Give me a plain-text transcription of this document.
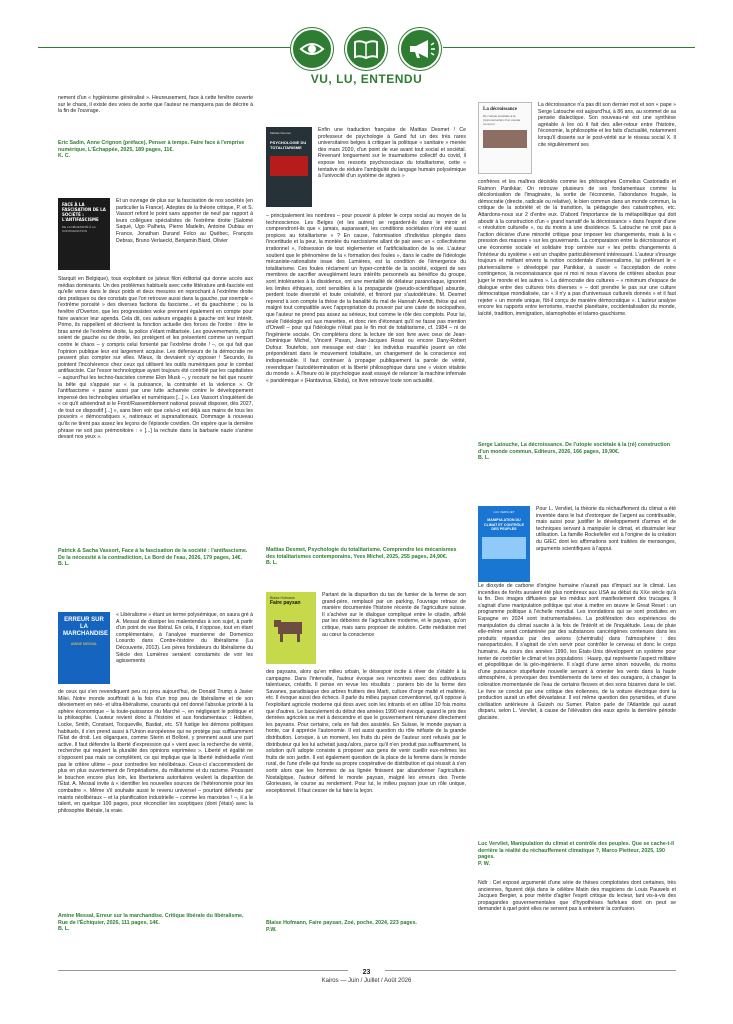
VU, LU, ENTENDU

nement d'un « hygiénisme généralisé ». Heureusement, face à cette fenêtre ouverte sur le chaos, il existe des voies de sortie que l'auteur ne manquera pas de décrire à la fin de l'ouvrage.

Eric Sadin, Anne Crignon (préface), Penser à temps. Faire face à l'emprise numérique, L'Échappée, 2025, 189 pages, 11€.
K. C.
FACE À LA FASCISATION DE LA SOCIÉTÉ : L'ANTIFASCISME
DE LA NÉCESSITÉ À LA CONTRADICTION

Et un ouvrage de plus sur la fascisation de nos sociétés (en particulier la France). Adeptes de la théorie critique, P. et S. Vassort refont le point sans apporter de neuf par rapport à leurs collègues spécialistes de l'extrême droite (Salomé Saqué, Ugo Palheta, Pierre Madelin, Antoine Dubiau en France, Jonathan Durand Folco au Québec, François Debras, Bruno Verlaeckt, Benjamin Biard, Olivier

Starquit en Belgique), tous exploitant ce juteux filon éditorial qui donne accès aux médias dominants. Un des problèmes habituels avec cette littérature anti-fasciste est qu'elle verse dans le deux poids et deux mesures en reprochant à l'extrême droite des pratiques ou des constats que l'on retrouve aussi dans la gauche, par exemple « l'extrême porosité » des diverses factions du fascisme... et du gauchisme ; ou la fenêtre d'Overton, que les progressistes woke prennent également en compte pour faire avancer leur agenda. Cela dit, ces auteurs engagés à gauche ont leur intérêt. Primo, ils rappellent et décrivent la fonction actuelle des forces de l'ordre : être le bras armé de l'extrême droite, la police s'étant militarisée. Les gouvernements, qu'ils soient de gauche ou de droite, les protègent et les présentent comme un rempart contre le chaos – y compris celui fomenté par l'extrême droite ! –, ce qui fait que l'opinion publique leur est largement acquise. Les défenseurs de la démocratie ne peuvent plus compter sur elles. Mieux, ils devraient s'y opposer ! Secundo, ils pointent l'incohérence chez ceux qui utilisent les outils numériques pour le combat antifasciste. Car l'essor technologique ayant toujours été contrôlé par les capitalistes – aujourd'hui les techno-fascistes comme Elon Musk –, y recourir ne fait que nourrir la bête qui s'appuie sur « la puissance, la contrainte et la violence ». Or l'antifascisme « passe aussi par une lutte acharnée contre le développement impensé des technologies virtuelles et numériques [...] ». Les Vassort s'inquiètent de « ce qu'il adviendrait si le Front/Rassemblement national pouvait disposer, dès 2027, de tout ce dispositif [...] », sans bien voir que celui-ci est déjà aux mains de tous les pouvoirs « démocratiques », nationaux et supranationaux. Dommage à nouveau qu'ils ne tirent pas assez les leçons de l'épisode covidien. On espère que la dernière phrase ne soit pas prémonitoire : « [...] la rechute dans la barbarie nazie s'anime devant nos yeux ».

Patrick & Sacha Vassort, Face à la fascisation de la société : l'antifascisme. De la nécessité à la contradiction, Le Bord de l'eau, 2026, 179 pages, 14€.
B. L.
ERREUR SUR LA MARCHANDISE
AMINE MESSAL

« Libéralisme » étant un terme polysémique, on saura gré à A. Messal de dissiper les malentendus à son sujet, à partir d'un point de vue libéral. En cela, il s'oppose, tout en étant complémentaire, à l'analyse marxienne de Domenico Losurdo dans Contre-histoire du libéralisme (La Découverte, 2013). Les pères fondateurs du libéralisme du Siècle des Lumières seraient constamés de voir les agissements

de ceux qui s'en revendiquent peu ou prou aujourd'hui, de Donald Trump à Javier Milei. Notre monde souffrirait à la fois d'un trop peu de libéralisme et de son dévoiement en néo- et ultra-libéralisme, courants qui ont donné l'absolue priorité à la sphère économique – la toute-puissance du Marché –, en négligeant le politique et la philosophie. L'auteur revient donc à l'histoire et aux fondamentaux : Hobbes, Locke, Smith, Constant, Tocqueville, Bastiat, etc. S'il fustige les démons politiques habituels, il s'en prend aussi à l'Union européenne qui ne protège pas suffisamment l'État de droit. Les oligarques, comme Sterin et Bolloré, y prennent aussi une part active. Il faut défendre la liberté d'expression qui « vient avec la recherche de vérité, recherche qui requiert la pluralité des opinions exprimées ». Liberté et égalité ne s'opposent pas mais se complètent, ce qui implique que la liberté individuelle n'est pas le critère ultime – pour contredire les néolibéraux. Ceux-ci s'accommodent de plus en plus ouvertement de l'impérialisme, du militarisme et du racisme. Poussant le bouchon encore plus loin, les libertariens autoritaires veulent la disparition de l'État. A. Messal invite à « identifier les nouvelles sources de l'hétéronomie pour les combattre ». Même s'il souhaite aussi le revenu universel – pourtant défendu par maints néolibéraux – et la planification industrielle – comme les marxistes ! –, il a le talent, en quelque 100 pages, pour réconcilier les sceptiques (dont j'étais) avec la philosophie libérale, la vraie.

Amine Messal, Erreur sur la marchandise. Critique libérale du libéralisme, Rue de l'Échiquier, 2026, 111 pages, 14€.
B. L.
Mattias Desmet
PSYCHOLOGIE DU TOTALITARISME

Enfin une traduction française de Mattias Desmet ! Ce professeur de psychologie à Gand fut un des très rares universitaires belges à critiquer la politique « sanitaire » menée dès mars 2020, d'un point de vue avant tout social et sociétal. Revenant longuement sur le traumatisme collectif du covid, il expose les ressorts psychosociaux du totalitarisme, cette « tentative de réduire l'ambiguïté du langage humain polysémique à l'univocité d'un système de signes »

– principalement les nombres – pour pouvoir à piloter le corps social au moyen de la technoscience. Les Belges (et les autres) se regardent-ils dans le miroir et comprendront-ils que « jamais, auparavant, les conditions sociétales n'ont été aussi propices au totalitarisme » ? En cause, l'atomisation d'individus plongés dans l'incertitude et la peur, la montée du narcissisme allant de pair avec un « collectivisme irrationnel », l'obsession de tout réglementer et l'artificialisation de la vie. L'auteur soutient que le phénomène de la « formation des foules », dans le cadre de l'idéologie mécaniste-rationaliste issue des Lumières, est la condition de l'émergence du totalitarisme. Ces foules réclament un hyper-contrôle de la société, exigent de ses membres de sacrifier aveuglément leurs intérêts personnels au bénéfice du groupe, sont intolérantes à la dissidence, ont une mentalité de délateur paranoïaque, ignorent les limites éthiques, sont sensibles à la propagande (pseudo-scientifique) absurde, perdent toute diversité et toute créativité, et finiront par s'autodétruire. M. Desmet reprend à son compte la thèse de la banalité du mal de Hannah Arendt, thèse qui est malgré tout compatible avec l'appropriation du pouvoir par une caste de sociopathes, que l'auteur ne prend pas assez au sérieux, tout comme le rôle des complots. Pour lui, seule l'idéologie est aux manettes, et donc rien d'étonnant qu'il ne fasse pas mention d'Orwell – pour qui l'idéologie n'était pas le fin mot de totalitarisme, cf. 1984 – ni de l'ingénierie sociale. On complétera donc la lecture de son livre avec ceux de Jean-Dominique Michel, Vincent Pavan, Jean-Jacques Rosat ou encore Dany-Robert Dufour. Toutefois, son message est clair : les individus massifiés jouent un rôle prépondérant dans le mouvement totalitaire, un changement de la conscience est indispensable. Il faut continuer à propager publiquement la parole de vérité, revendiquer l'autodétermination et la liberté philosophique dans une « vision vitaliste du monde ». À l'heure où le psychologue avait essayé de relancer la machine infernale « pandémique » (Hantavirus, Ebola), ce livre retrouve toute son actualité.

Mattias Desmet, Psychologie du totalitarisme. Comprendre les mécanismes des totalitarismes contemporains, Yves Michel, 2025, 255 pages, 24,90€.
B. L.
Blaise Hofmann
Faire paysan

Partant de la disparition du tas de fumier de la ferme de son grand-père, remplacé par un parking, l'ouvrage retrace de manière documentée l'histoire récente de l'agriculture suisse. Il s'achève sur le dialogue compliqué entre le citadin, affolé par les déboires de l'agriculture moderne, et le paysan, qu'on critique, mais sans proposer de solution. Cette médiation met au cœur la conscience

des paysans, alors qu'en milieu urbain, le désespoir incite à rêver de s'établir à la campagne. Dans l'intervalle, l'auteur évoque ses rencontres avec des cultivateurs talentueux, créatifs. Il pense en revue les résultats : paniers bio de la ferme des Savanes, paradisiaque des arbres fruitiers des Marti, culture d'orge malté et maltérie, etc. Il évoque aussi des échecs. Il parle du milieu paysan conventionnel, qu'il oppose à l'exploitant agricole moderne qui doss avec soin les intrants et en utilise 10 fois moins que d'autres. Le basculement du début des années 1990 est évoqué, quand le prix des denrées agricoles se met à descendre et que le gouvernement rémunère directement les paysans. Pour certains, cela en fait des assistés. En Suisse, le monde paysan a honte, car il apprécie l'autonomie. Il est aussi question du rôle néfaste de la grande distribution. Lorsque, à un moment, les fruits du père de l'auteur sont refusés par le distributeur qui les lui achetait jusqu'alors, parce qu'il n'en produit pas suffisamment, la solution qu'il adopte consiste à proposer aux gens de venir cueillir eux-mêmes les fruits de son jardin. Il est également question de la place de la femme dans le monde rural, de l'une d'elle qui fonde sa propre coopérative de distribution et qui réussit à s'en sortir alors que les hommes de sa lignée finissent par abandonner l'agriculture. Nostalgique, l'auteur défend le monde paysan, malgré les erreurs des Trente Glorieuses, le course au rendement. Pour lui, le milieu paysan joue un rôle unique, exceptionnel. Il faut cesser de lui faire la leçon.

Blaise Hofmann, Faire paysan, Zoé, poche, 2024, 223 pages.
P.W.
La décroissance
De l'utopie sociétale à la (ré)construction d'un monde commun

La décroissance n'a pas dit son dernier mot et son « pape » Serge Latouche est aujourd'hui, à 86 ans, au sommet de sa pensée dialectique. Son nouveau-né est une synthèse agréable à lire où il fait des aller-retour entre l'histoire, l'économie, la philosophie et les faits d'actualité, notamment lorsqu'il disserte sur le post-vérité sur le réseau social X. Il cite régulièrement ses

confrères et les maîtres décédés comme les philosophes Cornelius Castoriadis et Raimon Panikkar. On retrouve plusieurs de ses fondamentaux comme la décolonisation de l'imaginaire, la sortie de l'économie, l'abondance frugale, la démocratie (directe, radicale ou relative), le bien commun dans un monde commun, la critique de la sobriété et de la transition, la pédagogie des catastrophes, etc. Attardons-nous sur 2 d'entre eux. D'abord l'importance de la métapolitique qui doit aboutir à la construction d'un « grand narratif de la décroissance » dans l'espoir d'une « révolution culturelle », ou du moins à une dissidence. S. Latouche ne croit pas à l'action décisive d'une minorité critique pour imposer les changements, mais à la « pression des masses » sur les gouvernants. La comparaison entre la décroissance et une économie sociale et solidaire trop centrée sur « les petits changements à l'intérieur du système » est un chapitre particulièrement intéressant. L'auteur s'insurge toujours et méfiant envers la notion occidentale d'universalisme, lui préférant le « pluriversalisme » développé par Panikkar, à savoir « l'acceptation de notre contingence, la reconnaissance que ni moi ni nous n'avons de critères absolus pour juger le monde et les autres ». La démocratie des cultures – « minimum d'espace de dialogue entre des cultures très diverses » – doit prendre le pas sur une culture démocratique mondialisée, car « il n'y a pas d'universaux culturels donnés » et il faut rejeter « un monde unique, fût-il conçu de manière démocratique ». L'auteur analyse encore les rapports entre terrorisme, marché planétaire, occidentalisation du monde, laïcité, tradition, immigration, islamophobie et islamo-gauchisme.

Serge Latouche, La décroissance. De l'utopie sociétale à la (ré) construction d'un monde commun, Editeurs, 2026, 166 pages, 19,90€.
B. L.
LUC VERVLIET
MANIPULATION DU CLIMAT ET CONTRÔLE DES PEUPLES

Pour L. Vervliet, la théorie du réchauffement du climat a été inventée dans le but d'extorquer de l'argent au contribuable, mais aussi pour justifier le développement d'armes et de techniques servant à manipuler le climat, et dissimuler leur utilisation. La famille Rockefeller est à l'origine de la création du GIEC dont les affirmations sont traitées de mensonges, arguments scientifiques à l'appui.

Le dioxyde de carbone d'origine humaine n'aurait pas d'impact sur le climat. Les incendies de forêts auraient été plus nombreux aux USA au début du XXe siècle qu'à la fin. Des images diffusées par les médias sont manifestement des trucages. Il s'agirait d'une manipulation politique qui vise à mettre en œuvre le Great Reset : un programme politique à l'échelle mondial. Les inondations qui se sont produites en Espagne en 2024 sont instrumentalisées. La prolifération des expériences de manipulation du climat suscite à la fois de l'intérêt et de l'inquiétude. Leau de pluie elle-même serait contaminée par des substances cancérigènes contenues dans les produits répandus par des avions (chemtrails) dans l'atmosphère : des nanoparticules. Il s'agirait de s'en servir pour contrôler le cerveau et donc le corps humains. Au cours des années 1990, les États-Unis développent un système pour tenter de contrôler le climat et les populations : Haarp, qui représente l'aspect militaire et géopolitique de la géo-ingénierie. Il s'agit d'une arme sinon nouvelle, du moins d'une puissance stupéfiante nouvelle servant à orienter les vents dans la haute atmosphère, à provoquer des tremblements de terre et des ouragans, à changer la coloration momentanée de l'eau de certains fleuves et des sons bizarres dans le ciel. Le livre se conclut par une critique des éoliennes, de la voiture électrique dont la production aurait un effet dévastateur. Il est même question des pyramides, et d'une civilisation antérieure à Guizeh ou Sumer. Platon parle de l'Atlantide qui aurait disparu, selon L. Vervliet, à cause de l'élévation des eaux après la dernière période glaciaire.

Luc Vervliet, Manipulation du climat et contrôle des peuples. Que se cache-t-il derrière la réalité du réchauffement climatique ?, Marco Pietteur, 2025, 190 pages.
P. W.

Ndlr : Cet exposé argumenté d'une série de thèses complotistes dont certaines, très anciennes, figurent déjà dans le célèbre Matin des magiciens de Louis Pauwels et Jacques Bergier, a pour mérite d'agiter l'esprit critique du lecteur, tant vis-à-vis des propagandes gouvernementales que d'hypothèses farfelues dont on peut se demander à quel point elles ne servent pas à entretenir la confusion.

23
Kairos — Juin / Juillet / Août 2026
